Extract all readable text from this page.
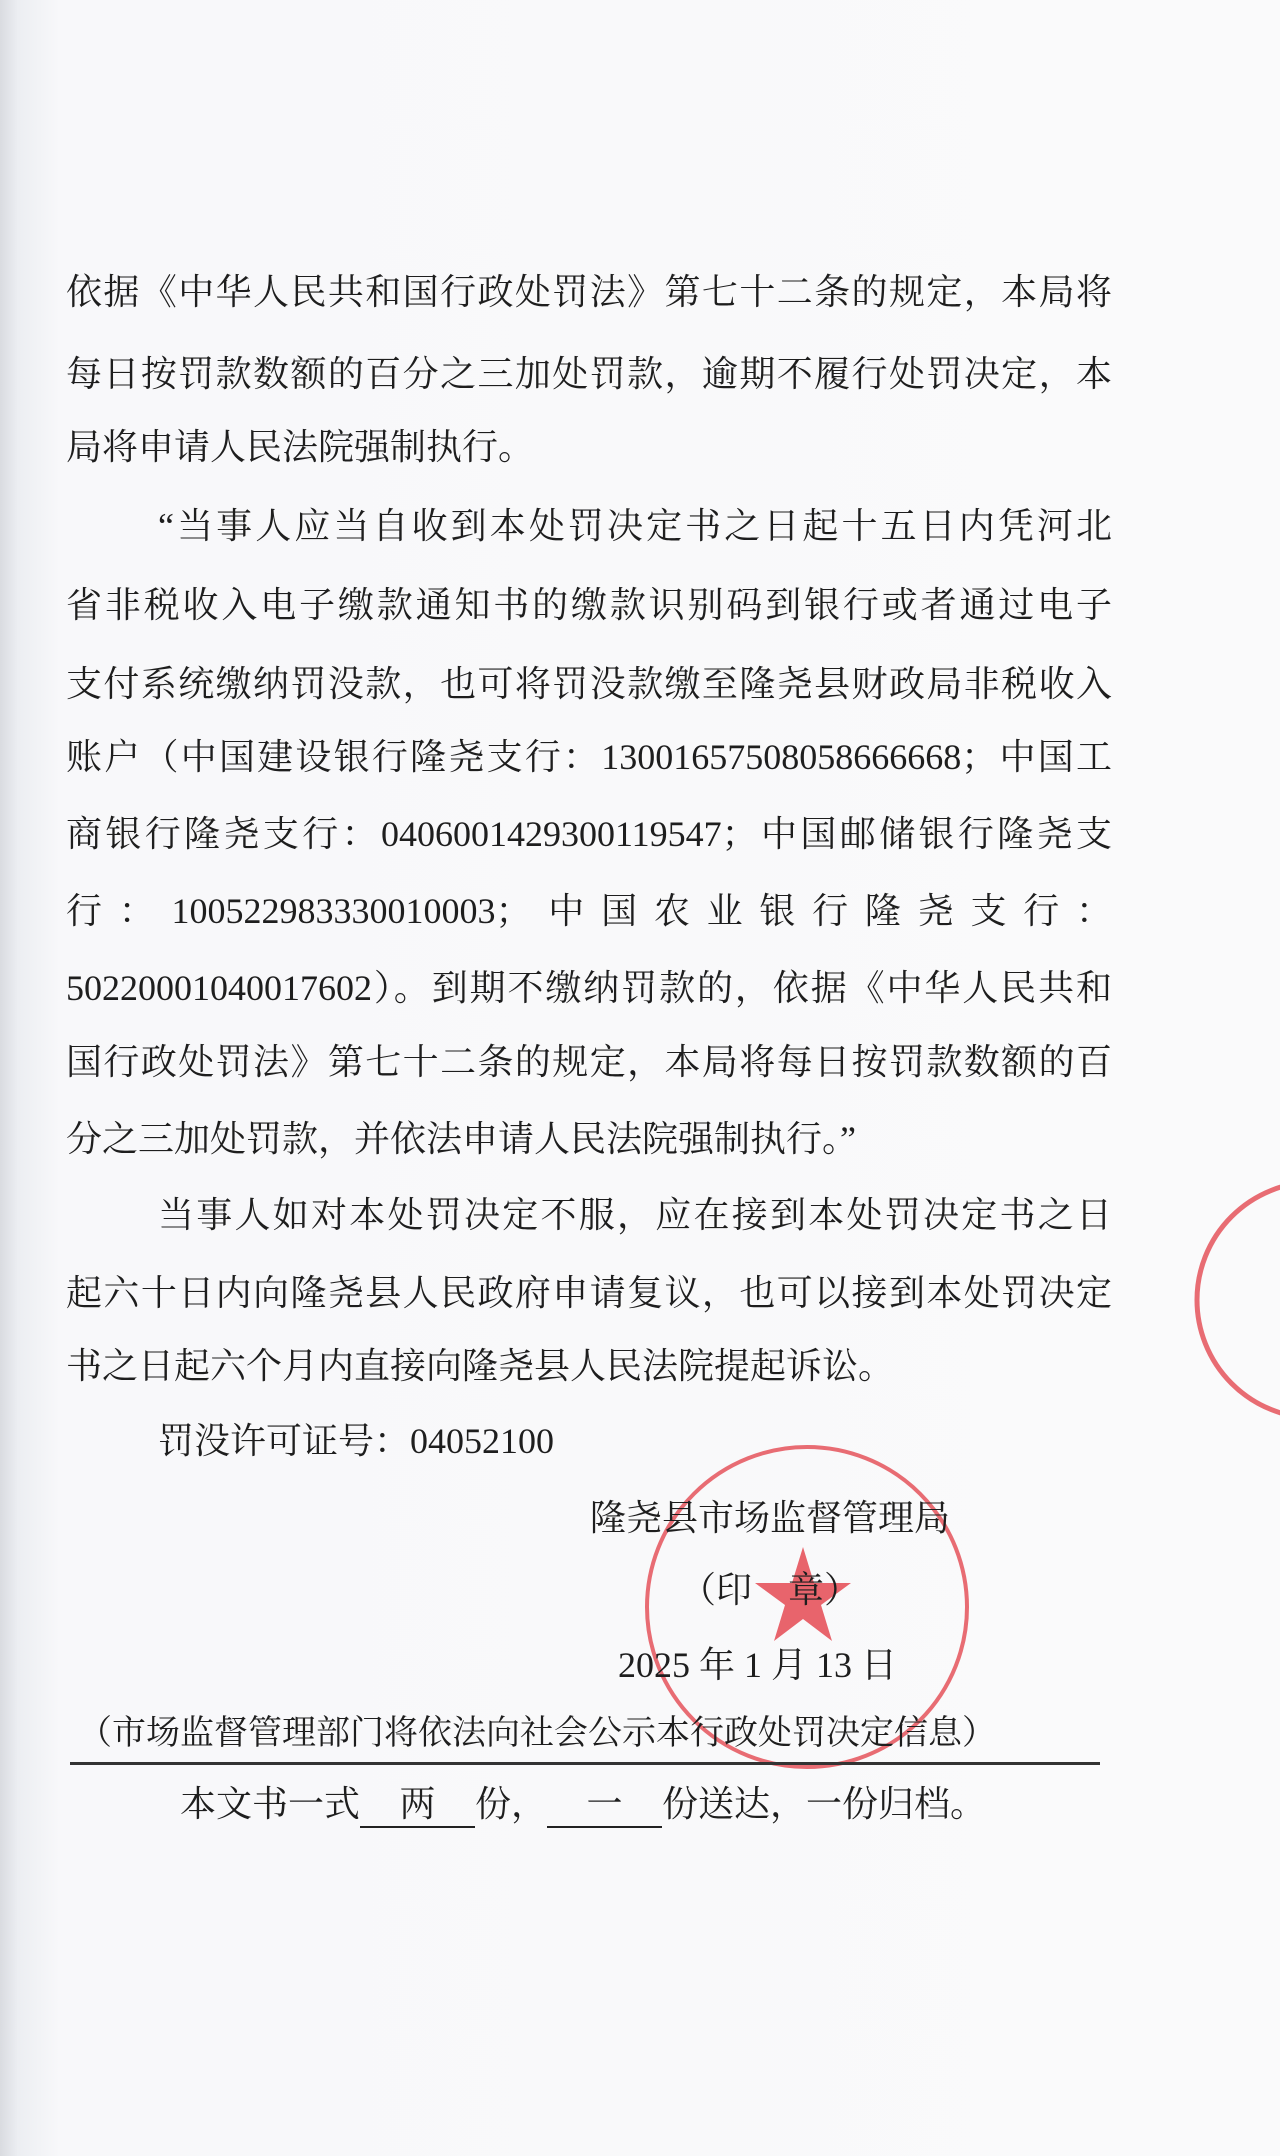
依据《中华人民共和国行政处罚法》第七十二条的规定，本局将
每日按罚款数额的百分之三加处罚款，逾期不履行处罚决定，本
局将申请人民法院强制执行。
“当事人应当自收到本处罚决定书之日起十五日内凭河北
省非税收入电子缴款通知书的缴款识别码到银行或者通过电子
支付系统缴纳罚没款，也可将罚没款缴至隆尧县财政局非税收入
账户（中国建设银行隆尧支行：13001657508058666668；中国工
商银行隆尧支行：0406001429300119547；中国邮储银行隆尧支
行：100522983330010003；中国农业银行隆尧支行：
50220001040017602）。到期不缴纳罚款的，依据《中华人民共和
国行政处罚法》第七十二条的规定，本局将每日按罚款数额的百
分之三加处罚款，并依法申请人民法院强制执行。”
当事人如对本处罚决定不服，应在接到本处罚决定书之日
起六十日内向隆尧县人民政府申请复议，也可以接到本处罚决定
书之日起六个月内直接向隆尧县人民法院提起诉讼。
罚没许可证号：04052100
隆尧县市场监督管理局
（印　章）
2025 年 1 月 13 日
（市场监督管理部门将依法向社会公示本行政处罚决定信息）
本文书一式 两 份， 一 份送达，一份归档。
